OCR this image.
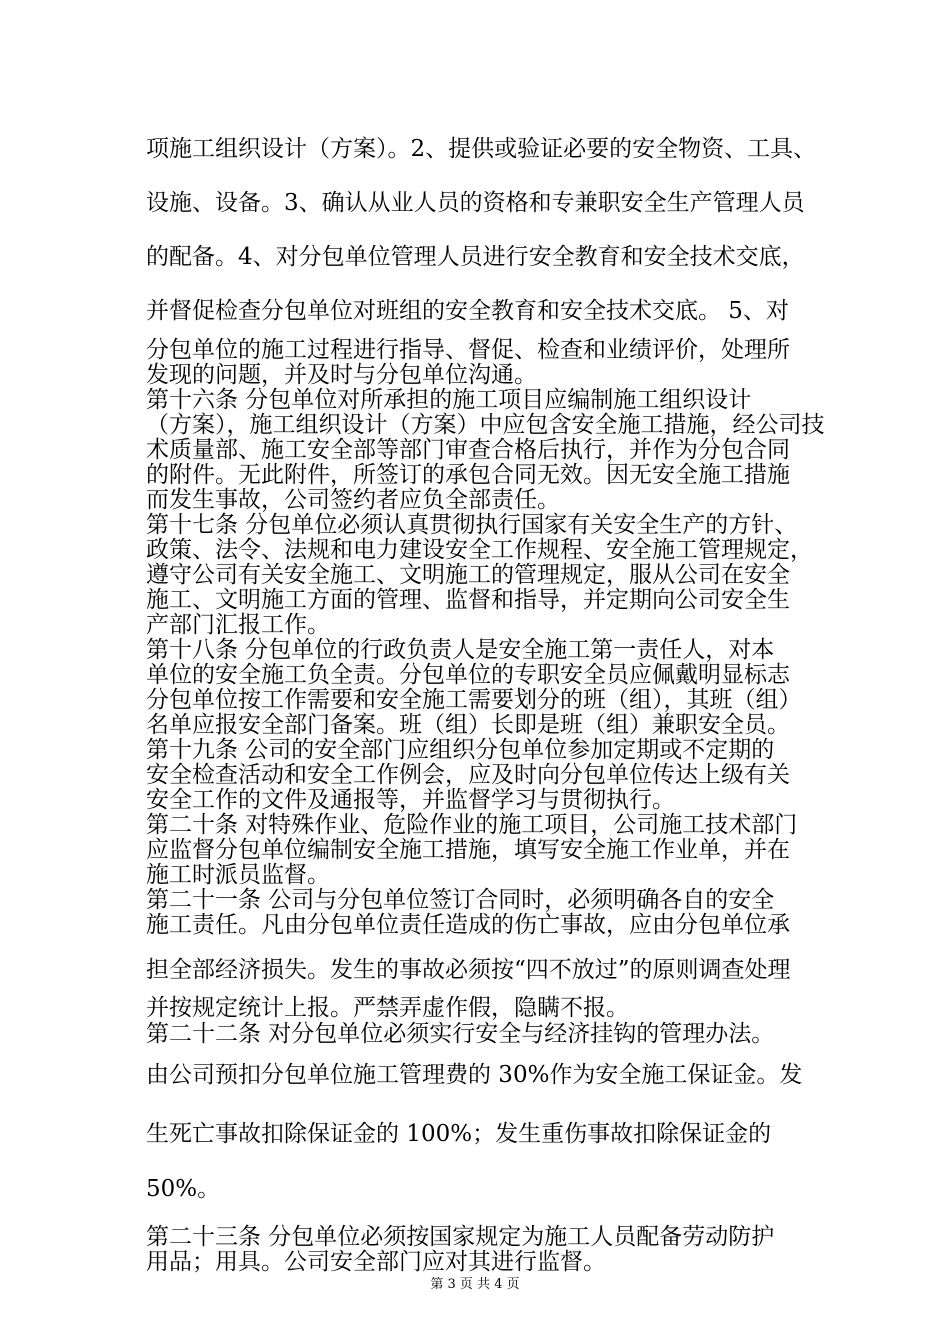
项施工组织设计（方案）。2、提供或验证必要的安全物资、工具、
设施、设备。3、确认从业人员的资格和专兼职安全生产管理人员
的配备。4、对分包单位管理人员进行安全教育和安全技术交底，
并督促检查分包单位对班组的安全教育和安全技术交底。 5、对
分包单位的施工过程进行指导、督促、检查和业绩评价，处理所
发现的问题，并及时与分包单位沟通。
第十六条 分包单位对所承担的施工项目应编制施工组织设计
（方案），施工组织设计（方案）中应包含安全施工措施，经公司技
术质量部、施工安全部等部门审查合格后执行，并作为分包合同
的附件。无此附件，所签订的承包合同无效。因无安全施工措施
而发生事故，公司签约者应负全部责任。
第十七条 分包单位必须认真贯彻执行国家有关安全生产的方针、
政策、法令、法规和电力建设安全工作规程、安全施工管理规定，
遵守公司有关安全施工、文明施工的管理规定，服从公司在安全
施工、文明施工方面的管理、监督和指导，并定期向公司安全生
产部门汇报工作。
第十八条 分包单位的行政负责人是安全施工第一责任人，对本
单位的安全施工负全责。分包单位的专职安全员应佩戴明显标志
分包单位按工作需要和安全施工需要划分的班（组），其班（组）
名单应报安全部门备案。班（组）长即是班（组）兼职安全员。
第十九条 公司的安全部门应组织分包单位参加定期或不定期的
安全检查活动和安全工作例会，应及时向分包单位传达上级有关
安全工作的文件及通报等，并监督学习与贯彻执行。
第二十条 对特殊作业、危险作业的施工项目，公司施工技术部门
应监督分包单位编制安全施工措施，填写安全施工作业单，并在
施工时派员监督。
第二十一条 公司与分包单位签订合同时，必须明确各自的安全
施工责任。凡由分包单位责任造成的伤亡事故，应由分包单位承
担全部经济损失。发生的事故必须按“四不放过”的原则调查处理
并按规定统计上报。严禁弄虚作假，隐瞒不报。
第二十二条 对分包单位必须实行安全与经济挂钩的管理办法。
由公司预扣分包单位施工管理费的 30%作为安全施工保证金。发
生死亡事故扣除保证金的 100%；发生重伤事故扣除保证金的
50%。
第二十三条 分包单位必须按国家规定为施工人员配备劳动防护
用品；用具。公司安全部门应对其进行监督。
第 3 页 共 4 页
